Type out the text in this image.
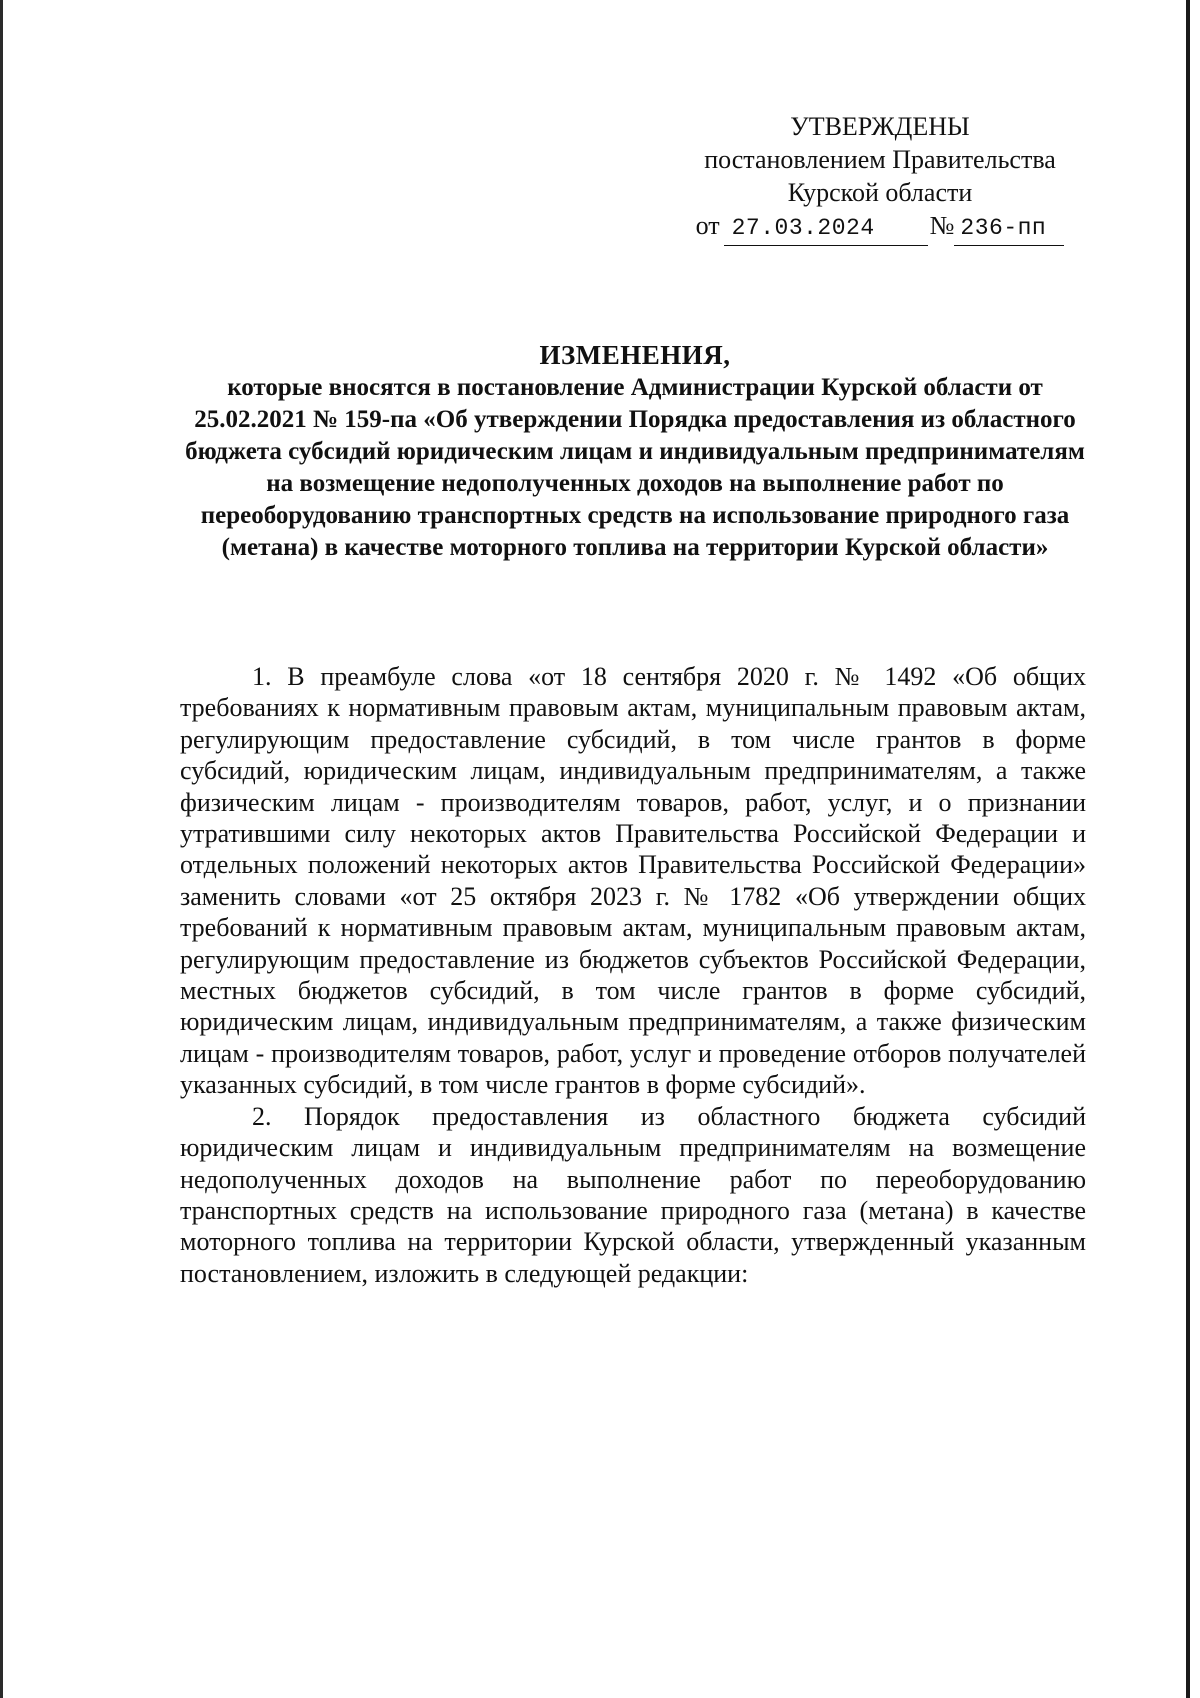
УТВЕРЖДЕНЫ
постановлением Правительства
Курской области
от 27.03.2024	№ 236-пп
ИЗМЕНЕНИЯ,
которые вносятся в постановление Администрации Курской области от 25.02.2021 № 159-па «Об утверждении Порядка предоставления из областного бюджета субсидий юридическим лицам и индивидуальным предпринимателям на возмещение недополученных доходов на выполнение работ по переоборудованию транспортных средств на использование природного газа (метана) в качестве моторного топлива на территории Курской области»

1. В преамбуле слова «от 18 сентября 2020 г. № 1492 «Об общих требованиях к нормативным правовым актам, муниципальным правовым актам, регулирующим предоставление субсидий, в том числе грантов в форме субсидий, юридическим лицам, индивидуальным предпринимателям, а также физическим лицам - производителям товаров, работ, услуг, и о признании утратившими силу некоторых актов Правительства Российской Федерации и отдельных положений некоторых актов Правительства Российской Федерации» заменить словами «от 25 октября 2023 г. № 1782 «Об утверждении общих требований к нормативным правовым актам, муниципальным правовым актам, регулирующим предоставление из бюджетов субъектов Российской Федерации, местных бюджетов субсидий, в том числе грантов в форме субсидий, юридическим лицам, индивидуальным предпринимателям, а также физическим лицам - производителям товаров, работ, услуг и проведение отборов получателей указанных субсидий, в том числе грантов в форме субсидий».

2. Порядок предоставления из областного бюджета субсидий юридическим лицам и индивидуальным предпринимателям на возмещение недополученных доходов на выполнение работ по переоборудованию транспортных средств на использование природного газа (метана) в качестве моторного топлива на территории Курской области, утвержденный указанным постановлением, изложить в следующей редакции:
